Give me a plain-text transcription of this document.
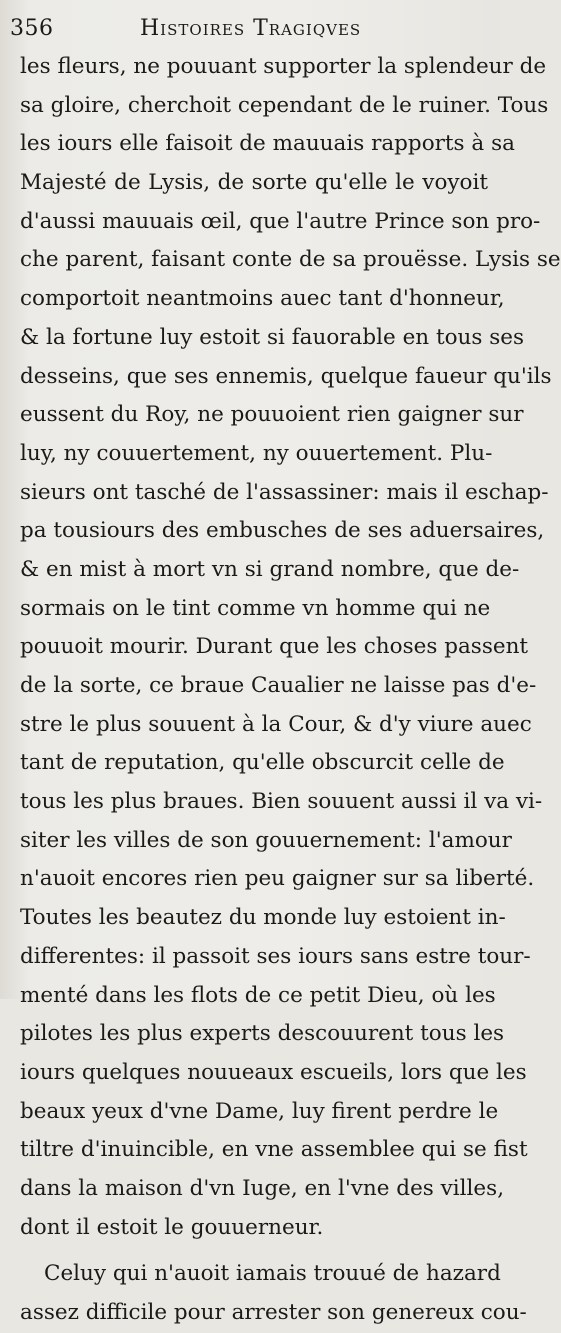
356	Histoires Tragiqves
les fleurs, ne pouuant supporter la splendeur de
sa gloire, cherchoit cependant de le ruiner. Tous
les iours elle faisoit de mauuais rapports à sa
Majesté de Lysis, de sorte qu'elle le voyoit
d'aussi mauuais œil, que l'autre Prince son pro-
che parent, faisant conte de sa prouësse. Lysis se
comportoit neantmoins auec tant d'honneur,
& la fortune luy estoit si fauorable en tous ses
desseins, que ses ennemis, quelque faueur qu'ils
eussent du Roy, ne pouuoient rien gaigner sur
luy, ny couuertement, ny ouuertement. Plu-
sieurs ont tasché de l'assassiner: mais il eschap-
pa tousiours des embusches de ses aduersaires,
& en mist à mort vn si grand nombre, que de-
sormais on le tint comme vn homme qui ne
pouuoit mourir. Durant que les choses passent
de la sorte, ce braue Caualier ne laisse pas d'e-
stre le plus souuent à la Cour, & d'y viure auec
tant de reputation, qu'elle obscurcit celle de
tous les plus braues. Bien souuent aussi il va vi-
siter les villes de son gouuernement: l'amour
n'auoit encores rien peu gaigner sur sa liberté.
Toutes les beautez du monde luy estoient in-
differentes: il passoit ses iours sans estre tour-
menté dans les flots de ce petit Dieu, où les
pilotes les plus experts descouurent tous les
iours quelques nouueaux escueils, lors que les
beaux yeux d'vne Dame, luy firent perdre le
tiltre d'inuincible, en vne assemblee qui se fist
dans la maison d'vn Iuge, en l'vne des villes,
dont il estoit le gouuerneur.
Celuy qui n'auoit iamais trouué de hazard
assez difficile pour arrester son genereux cou-
